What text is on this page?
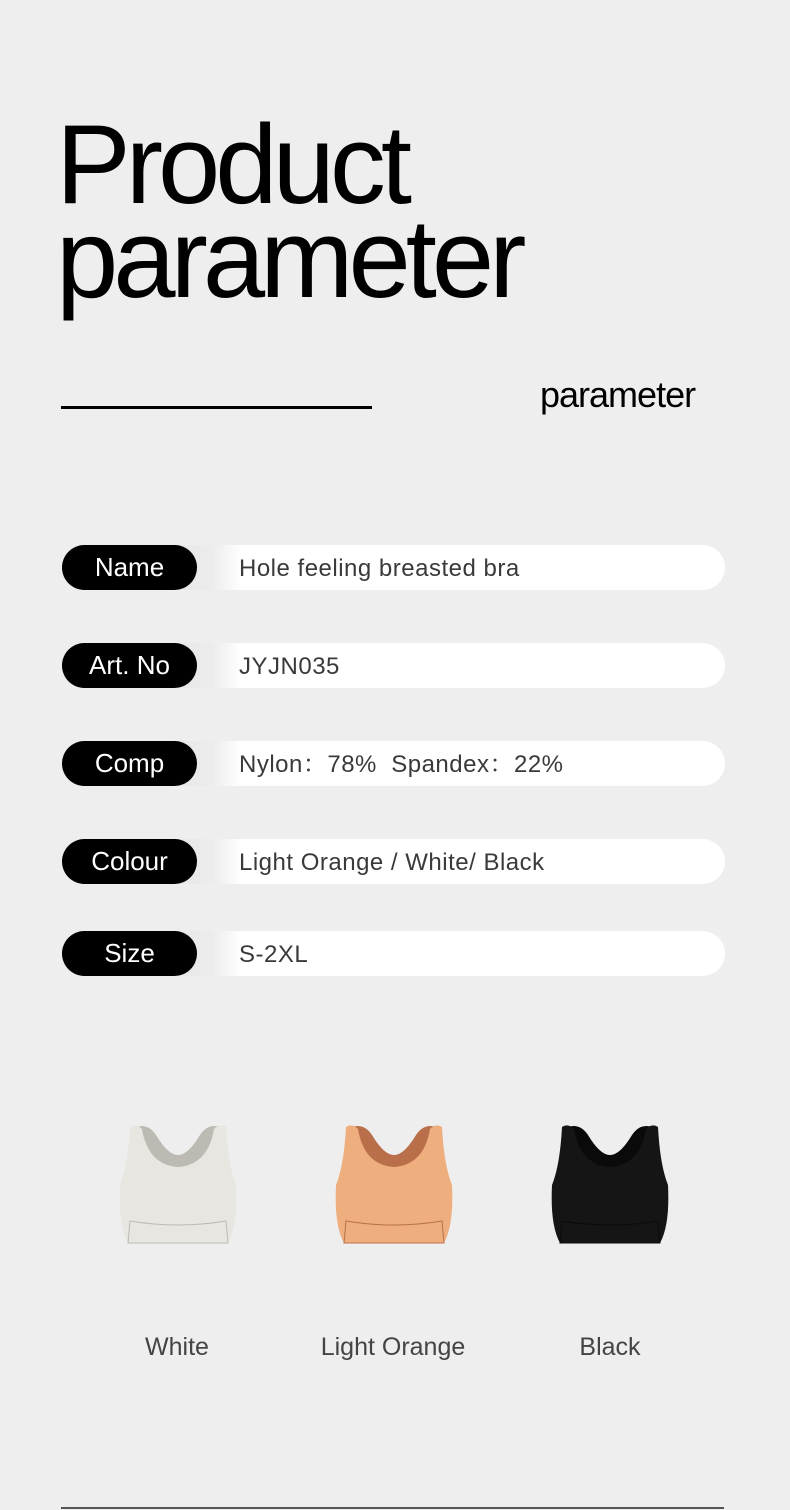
Product
parameter
parameter
Name	Hole feeling breasted bra
Art. No	JYJN035
Comp	Nylon：78%  Spandex：22%
Colour	Light Orange / White/ Black
Size	S-2XL
White	Light Orange	Black
